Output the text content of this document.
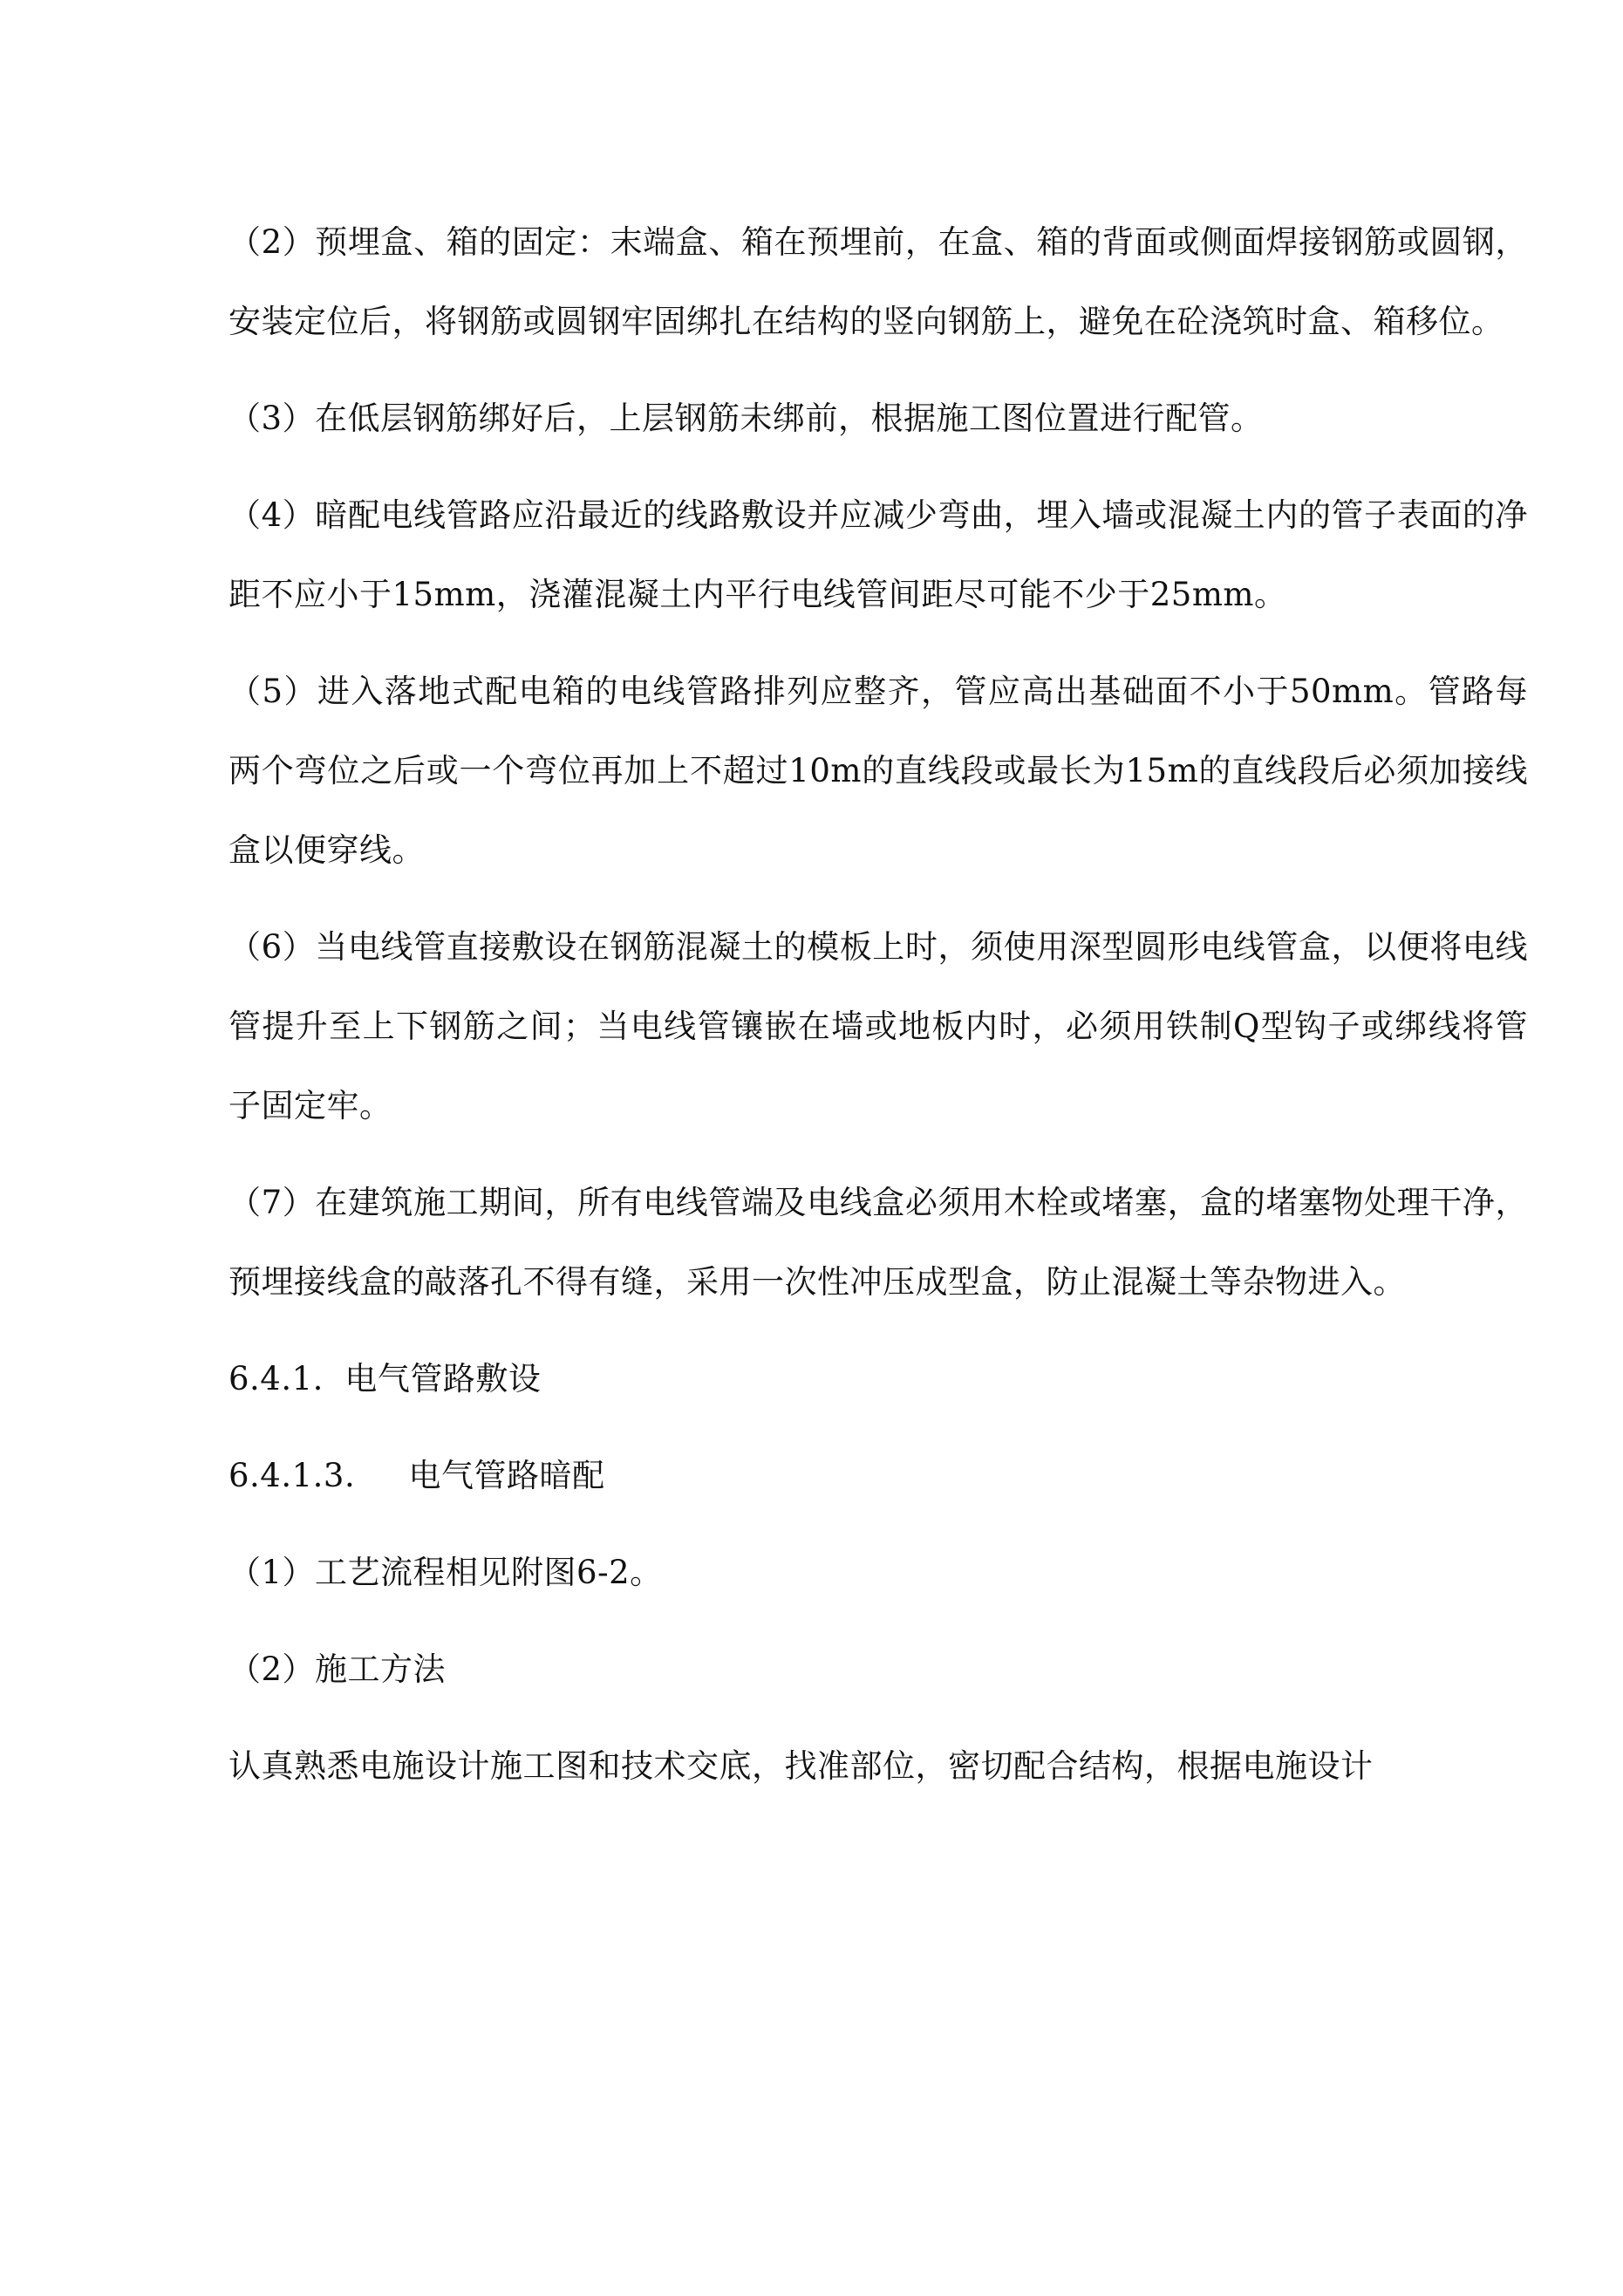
（2）预埋盒、箱的固定：末端盒、箱在预埋前，在盒、箱的背面或侧面焊接钢筋或圆钢，安装定位后，将钢筋或圆钢牢固绑扎在结构的竖向钢筋上，避免在砼浇筑时盒、箱移位。

（3）在低层钢筋绑好后，上层钢筋未绑前，根据施工图位置进行配管。

（4）暗配电线管路应沿最近的线路敷设并应减少弯曲，埋入墙或混凝土内的管子表面的净距不应小于15mm，浇灌混凝土内平行电线管间距尽可能不少于25mm。

（5）进入落地式配电箱的电线管路排列应整齐，管应高出基础面不小于50mm。管路每两个弯位之后或一个弯位再加上不超过10m的直线段或最长为15m的直线段后必须加接线盒以便穿线。

（6）当电线管直接敷设在钢筋混凝土的模板上时，须使用深型圆形电线管盒，以便将电线管提升至上下钢筋之间；当电线管镶嵌在墙或地板内时，必须用铁制Q型钩子或绑线将管子固定牢。

（7）在建筑施工期间，所有电线管端及电线盒必须用木栓或堵塞，盒的堵塞物处理干净，预埋接线盒的敲落孔不得有缝，采用一次性冲压成型盒，防止混凝土等杂物进入。

6.4.1.  电气管路敷设

6.4.1.3.     电气管路暗配

（1）工艺流程相见附图6-2。

（2）施工方法

认真熟悉电施设计施工图和技术交底，找准部位，密切配合结构，根据电施设计
